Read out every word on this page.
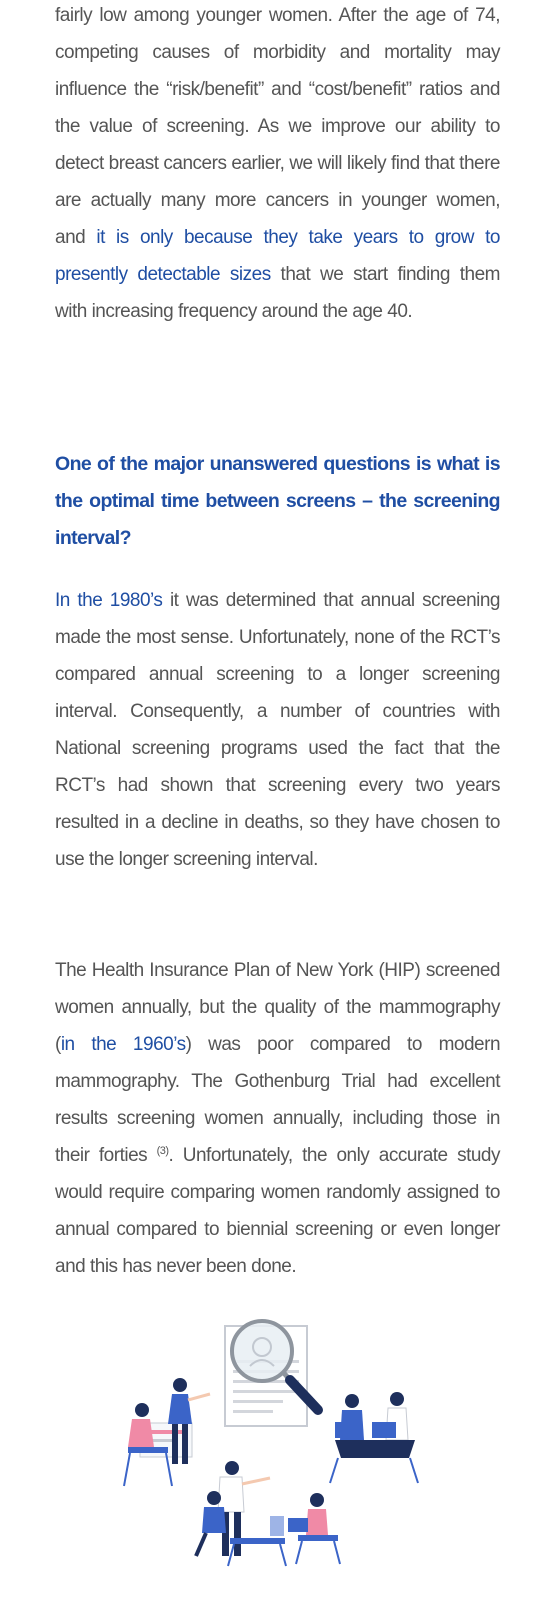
fairly low among younger women. After the age of 74, competing causes of morbidity and mortality may influence the “risk/benefit” and “cost/benefit” ratios and the value of screening. As we improve our ability to detect breast cancers earlier, we will likely find that there are actually many more cancers in younger women, and it is only because they take years to grow to presently detectable sizes that we start finding them with increasing frequency around the age 40.

One of the major unanswered questions is what is the optimal time between screens – the screening interval?

In the 1980’s it was determined that annual screening made the most sense. Unfortunately, none of the RCT’s compared annual screening to a longer screening interval. Consequently, a number of countries with National screening programs used the fact that the RCT’s had shown that screening every two years resulted in a decline in deaths, so they have chosen to use the longer screening interval.

The Health Insurance Plan of New York (HIP) screened women annually, but the quality of the mammography (in the 1960’s) was poor compared to modern mammography. The Gothenburg Trial had excellent results screening women annually, including those in their forties $^{(3)}$. Unfortunately, the only accurate study would require comparing women randomly assigned to annual compared to biennial screening or even longer and this has never been done.
